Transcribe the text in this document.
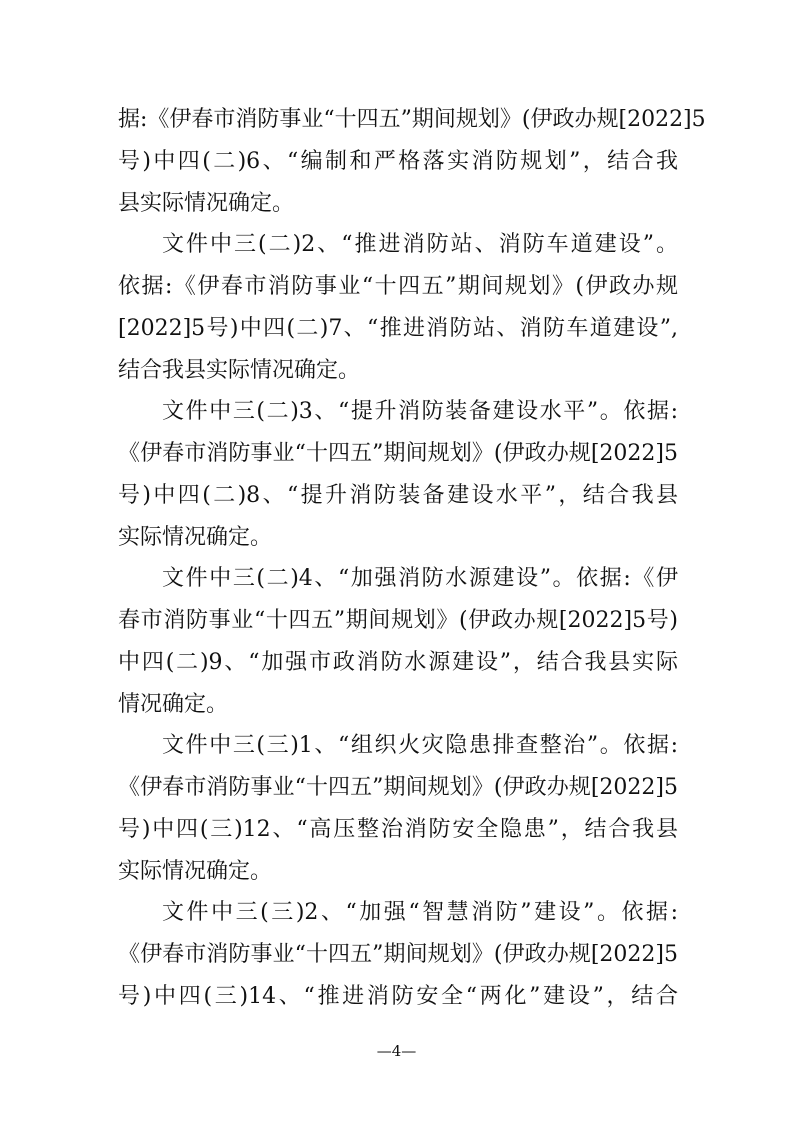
据:《伊春市消防事业“十四五”期间规划》(伊政办规[2022]5
号)中四(二)6、“编制和严格落实消防规划”，结合我
县实际情况确定。
文件中三(二)2、“推进消防站、消防车道建设”。
依据:《伊春市消防事业“十四五”期间规划》(伊政办规
[2022]5号)中四(二)7、“推进消防站、消防车道建设”,
结合我县实际情况确定。
文件中三(二)3、“提升消防装备建设水平”。依据:
《伊春市消防事业“十四五”期间规划》(伊政办规[2022]5
号)中四(二)8、“提升消防装备建设水平”，结合我县
实际情况确定。
文件中三(二)4、“加强消防水源建设”。依据:《伊
春市消防事业“十四五”期间规划》(伊政办规[2022]5号)
中四(二)9、“加强市政消防水源建设”，结合我县实际
情况确定。
文件中三(三)1、“组织火灾隐患排查整治”。依据:
《伊春市消防事业“十四五”期间规划》(伊政办规[2022]5
号)中四(三)12、“高压整治消防安全隐患”，结合我县
实际情况确定。
文件中三(三)2、“加强“智慧消防”建设”。依据:
《伊春市消防事业“十四五”期间规划》(伊政办规[2022]5
号)中四(三)14、“推进消防安全“两化”建设”，结合
—4—
